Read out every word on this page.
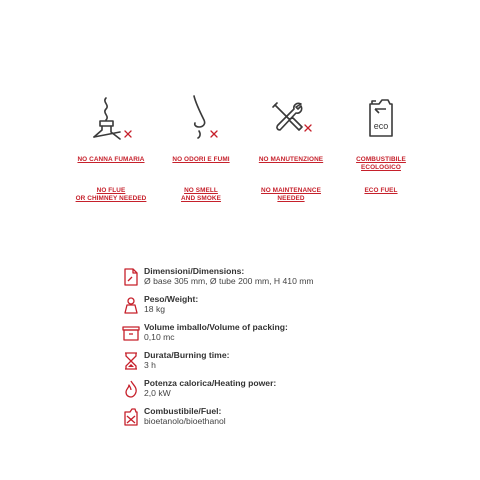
NO CANNA FUMARIA
NO FLUE
OR CHIMNEY NEEDED
NO ODORI E FUMI
NO SMELL
AND SMOKE
NO MANUTENZIONE
NO MAINTENANCE
NEEDED
eco
COMBUSTIBILE
ECOLOGICO
ECO FUEL
Dimensioni/Dimensions:
Ø base 305 mm, Ø tube 200 mm, H 410 mm
Peso/Weight:
18 kg
Volume imballo/Volume of packing:
0,10 mc
Durata/Burning time:
3 h
Potenza calorica/Heating power:
2,0 kW
Combustibile/Fuel:
bioetanolo/bioethanol
